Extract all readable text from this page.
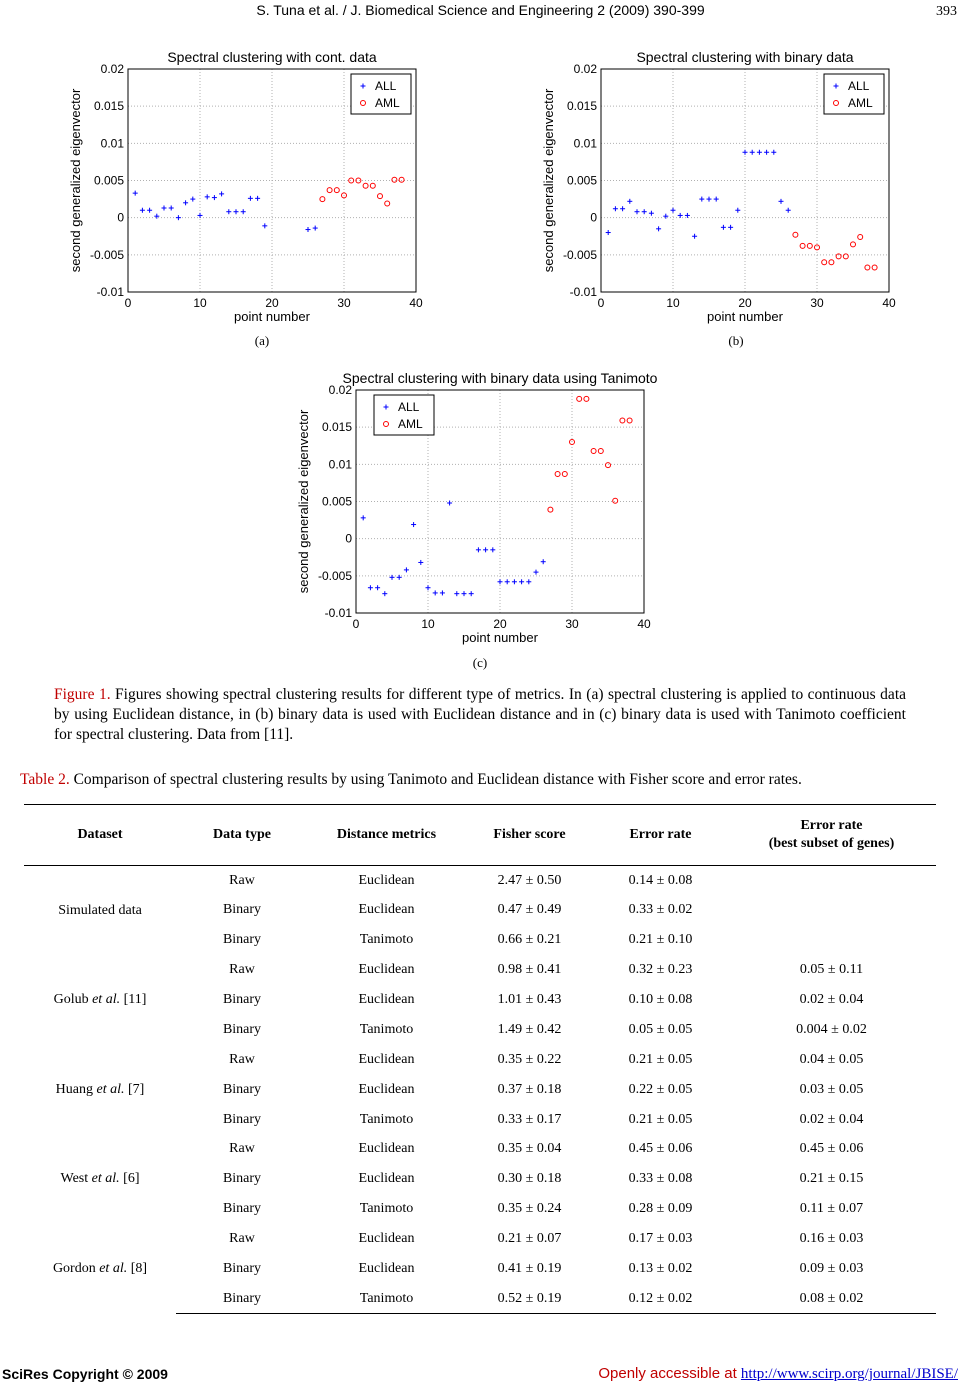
S. Tuna et al. / J. Biomedical Science and Engineering 2 (2009) 390-399	393
0	10	20	30	40
0.02
0.015
0.01
0.005
0
-0.005
-0.01
Spectral clustering with cont. data
point number
second generalized eigenvector
ALL
AML
0	10	20	30	40
0.02
0.015
0.01
0.005
0
-0.005
-0.01
Spectral clustering with binary data
point number
second generalized eigenvector
ALL
AML
0	10	20	30	40
0.02
0.015
0.01
0.005
0
-0.005
-0.01
Spectral clustering with binary data using Tanimoto
point number
second generalized eigenvector
ALL
AML
(a)	(b)
(c)
Figure 1. Figures showing spectral clustering results for different type of metrics. In (a) spectral clustering is applied to continuous data by using Euclidean distance, in (b) binary data is used with Euclidean distance and in (c) binary data is used with Tanimoto coefficient for spectral clustering. Data from [11].
Table 2. Comparison of spectral clustering results by using Tanimoto and Euclidean distance with Fisher score and error rates.
Dataset	Data type	Distance metrics	Fisher score	Error rate	Error rate
(best subset of genes)
Simulated data	Raw	Euclidean	2.47 ± 0.50	0.14 ± 0.08	
	Binary	Euclidean	0.47 ± 0.49	0.33 ± 0.02	
	Binary	Tanimoto	0.66 ± 0.21	0.21 ± 0.10	
Golub et al. [11]	Raw	Euclidean	0.98 ± 0.41	0.32 ± 0.23	0.05 ± 0.11
	Binary	Euclidean	1.01 ± 0.43	0.10 ± 0.08	0.02 ± 0.04
	Binary	Tanimoto	1.49 ± 0.42	0.05 ± 0.05	0.004 ± 0.02
Huang et al. [7]	Raw	Euclidean	0.35 ± 0.22	0.21 ± 0.05	0.04 ± 0.05
	Binary	Euclidean	0.37 ± 0.18	0.22 ± 0.05	0.03 ± 0.05
	Binary	Tanimoto	0.33 ± 0.17	0.21 ± 0.05	0.02 ± 0.04
West et al. [6]	Raw	Euclidean	0.35 ± 0.04	0.45 ± 0.06	0.45 ± 0.06
	Binary	Euclidean	0.30 ± 0.18	0.33 ± 0.08	0.21 ± 0.15
	Binary	Tanimoto	0.35 ± 0.24	0.28 ± 0.09	0.11 ± 0.07
Gordon et al. [8]	Raw	Euclidean	0.21 ± 0.07	0.17 ± 0.03	0.16 ± 0.03
	Binary	Euclidean	0.41 ± 0.19	0.13 ± 0.02	0.09 ± 0.03
	Binary	Tanimoto	0.52 ± 0.19	0.12 ± 0.02	0.08 ± 0.02
SciRes Copyright © 2009	Openly accessible at http://www.scirp.org/journal/JBISE/
